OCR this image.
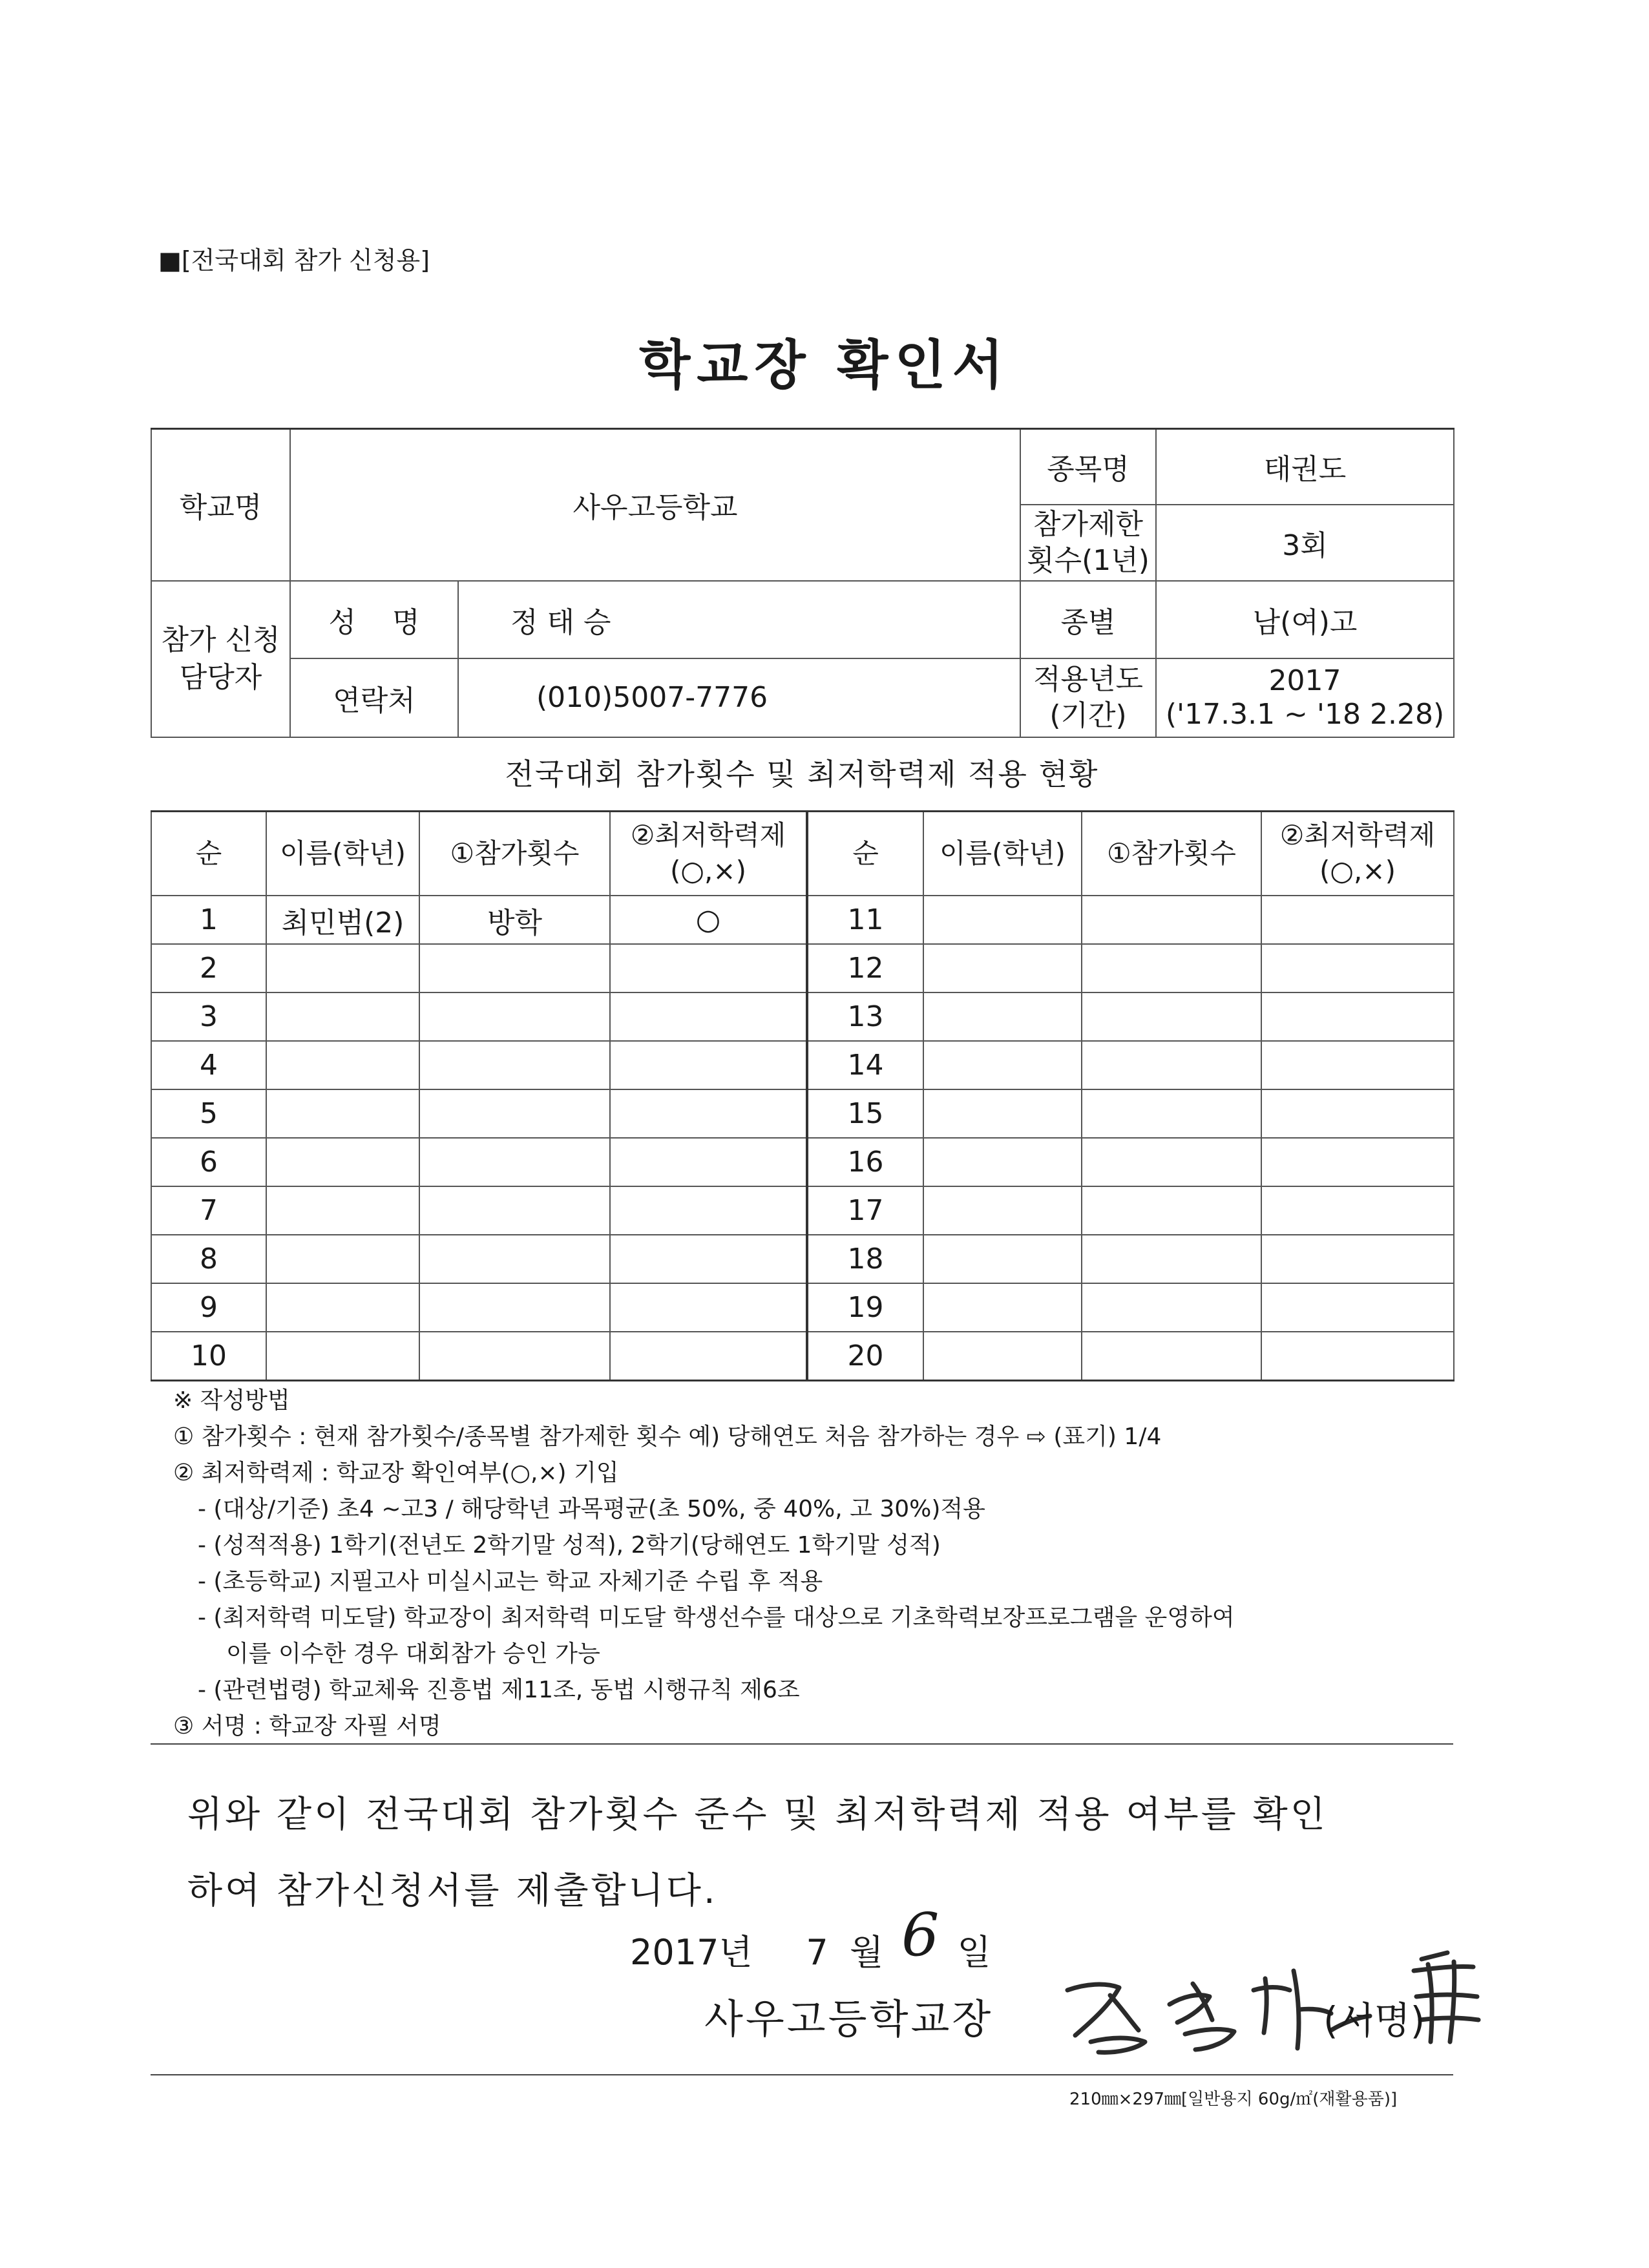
■[전국대회 참가 신청용]
학교장 확인서
학교명	사우고등학교		종목명	태권도
			참가제한 횟수(1년)	3회
참가 신청 담당자	성    명	정 태 승	종별	남(여)고
	연락처	(010)5007-7776	적용년도 (기간)	2017
('17.3.1 ~ '18 2.28)
전국대회 참가횟수 및 최저학력제 적용 현황
순	이름(학년)	①참가횟수	②최저학력제 (○,×)	순	이름(학년)	①참가횟수	②최저학력제 (○,×)
1	최민범(2)	방학	○	11			
2				12			
3				13			
4				14			
5				15			
6				16			
7				17			
8				18			
9				19			
10				20			
※ 작성방법
① 참가횟수 : 현재 참가횟수/종목별 참가제한 횟수 예) 당해연도 처음 참가하는 경우 ⇨ (표기) 1/4
② 최저학력제 : 학교장 확인여부(○,×) 기입
- (대상/기준) 초4 ~고3 / 해당학년 과목평균(초 50%, 중 40%, 고 30%)적용
- (성적적용) 1학기(전년도 2학기말 성적), 2학기(당해연도 1학기말 성적)
- (초등학교) 지필고사 미실시교는 학교 자체기준 수립 후 적용
- (최저학력 미도달) 학교장이 최저학력 미도달 학생선수를 대상으로 기초학력보장프로그램을 운영하여
이를 이수한 경우 대회참가 승인 가능
- (관련법령) 학교체육 진흥법 제11조, 동법 시행규칙 제6조
③ 서명 : 학교장 자필 서명
위와 같이 전국대회 참가횟수 준수 및 최저학력제 적용 여부를 확인
하여 참가신청서를 제출합니다.
2017년 7 월 6 일
사우고등학교장	(서명)
210㎜×297㎜[일반용지 60g/㎡(재활용품)]
